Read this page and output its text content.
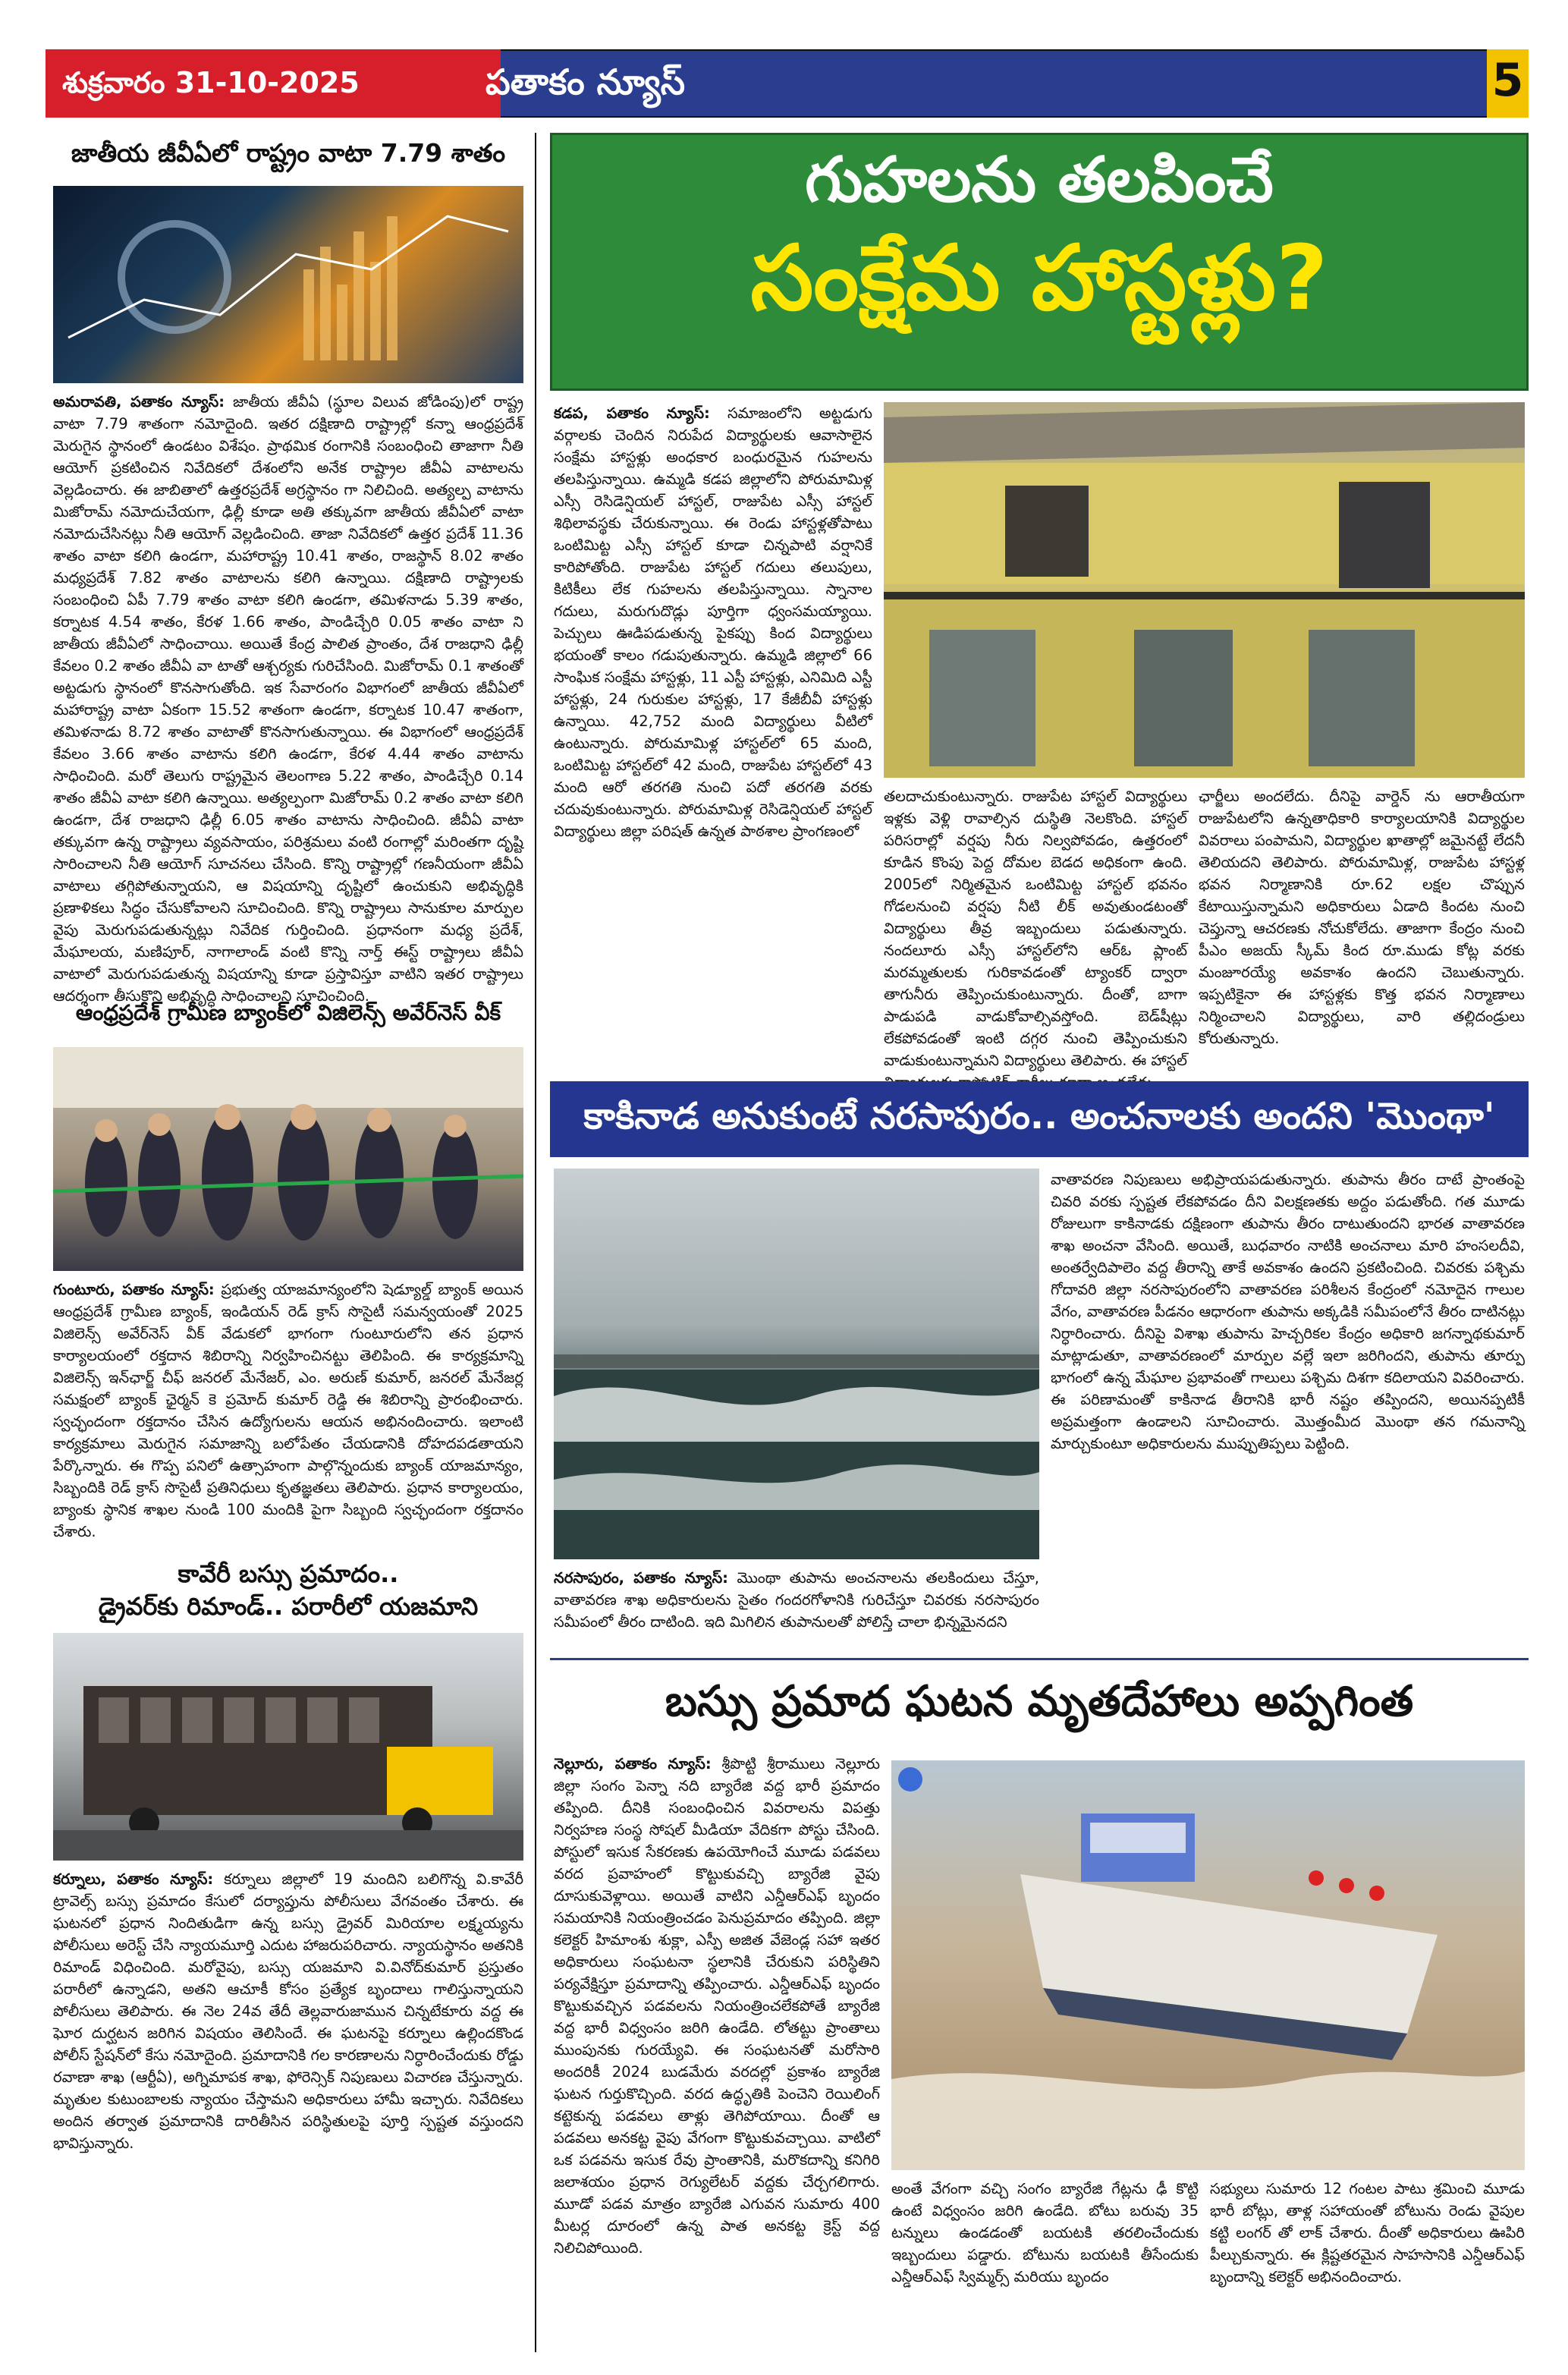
శుక్రవారం 31-10-2025	పతాకం న్యూస్	5
జాతీయ జీవీఏలో రాష్ట్రం వాటా 7.79 శాతం
అమరావతి, పతాకం న్యూస్: జాతీయ జీవీఏ (స్థూల విలువ జోడింపు)లో రాష్ట్ర వాటా 7.79 శాతంగా నమోదైంది. ఇతర దక్షిణాది రాష్ట్రాల్లో కన్నా ఆంధ్రప్రదేశ్ మెరుగైన స్థానంలో ఉండటం విశేషం. ప్రాథమిక రంగానికి సంబంధించి తాజాగా నీతి ఆయోగ్ ప్రకటించిన నివేదికలో దేశంలోని అనేక రాష్ట్రాల జీవీఏ వాటాలను వెల్లడించారు. ఈ జాబితాలో ఉత్తరప్రదేశ్ అగ్రస్థానం గా నిలిచింది. అత్యల్ప వాటాను మిజోరామ్ నమోదుచేయగా, ఢిల్లీ కూడా అతి తక్కువగా జాతీయ జీవీఏలో వాటా నమోదుచేసినట్లు నీతి ఆయోగ్ వెల్లడించింది. తాజా నివేదికలో ఉత్తర ప్రదేశ్ 11.36 శాతం వాటా కలిగి ఉండగా, మహారాష్ట్ర 10.41 శాతం, రాజస్థాన్ 8.02 శాతం మధ్యప్రదేశ్ 7.82 శాతం వాటాలను కలిగి ఉన్నాయి. దక్షిణాది రాష్ట్రాలకు సంబంధించి ఏపీ 7.79 శాతం వాటా కలిగి ఉండగా, తమిళనాడు 5.39 శాతం, కర్నాటక 4.54 శాతం, కేరళ 1.66 శాతం, పాండిచ్చేరి 0.05 శాతం వాటా ని జాతీయ జీవీఏలో సాధించాయి. అయితే కేంద్ర పాలిత ప్రాంతం, దేశ రాజధాని ఢిల్లీ కేవలం 0.2 శాతం జీవీఏ వా టాతో ఆశ్చర్యకు గురిచేసింది. మిజోరామ్ 0.1 శాతంతో అట్టడుగు స్థానంలో కొనసాగుతోంది. ఇక సేవారంగం విభాగంలో జాతీయ జీవీఏలో మహారాష్ట్ర వాటా ఏకంగా 15.52 శాతంగా ఉండగా, కర్నాటక 10.47 శాతంగా, తమిళనాడు 8.72 శాతం వాటాతో కొనసాగుతున్నాయి. ఈ విభాగంలో ఆంధ్రప్రదేశ్ కేవలం 3.66 శాతం వాటాను కలిగి ఉండగా, కేరళ 4.44 శాతం వాటాను సాధించింది. మరో తెలుగు రాష్ట్రమైన తెలంగాణ 5.22 శాతం, పాండిచ్చేరి 0.14 శాతం జీవీఏ వాటా కలిగి ఉన్నాయి. అత్యల్పంగా మిజోరామ్ 0.2 శాతం వాటా కలిగి ఉండగా, దేశ రాజధాని ఢిల్లీ 6.05 శాతం వాటాను సాధించింది. జీవీఏ వాటా తక్కువగా ఉన్న రాష్ట్రాలు వ్యవసాయం, పరిశ్రమలు వంటి రంగాల్లో మరింతగా దృష్టి సారించాలని నీతి ఆయోగ్ సూచనలు చేసింది. కొన్ని రాష్ట్రాల్లో గణనీయంగా జీవీఏ వాటాలు తగ్గిపోతున్నాయని, ఆ విషయాన్ని దృష్టిలో ఉంచుకుని అభివృద్ధికి ప్రణాళికలు సిద్ధం చేసుకోవాలని సూచించింది. కొన్ని రాష్ట్రాలు సానుకూల మార్పుల వైపు మెరుగుపడుతున్నట్లు నివేదిక గుర్తించింది. ప్రధానంగా మధ్య ప్రదేశ్, మేఘాలయ, మణిపూర్, నాగాలాండ్ వంటి కొన్ని నార్త్ ఈస్ట్ రాష్ట్రాలు జీవీఏ వాటాలో మెరుగుపడుతున్న విషయాన్ని కూడా ప్రస్తావిస్తూ వాటిని ఇతర రాష్ట్రాలు ఆదర్శంగా తీసుకొని అభివృద్ధి సాధించాలని సూచించింది.
ఆంధ్రప్రదేశ్ గ్రామీణ బ్యాంక్‌లో విజిలెన్స్ అవేర్‌నెస్ వీక్
గుంటూరు, పతాకం న్యూస్: ప్రభుత్వ యాజమాన్యంలోని షెడ్యూల్డ్ బ్యాంక్ అయిన ఆంధ్రప్రదేశ్ గ్రామీణ బ్యాంక్, ఇండియన్ రెడ్ క్రాస్ సొసైటీ సమన్వయంతో 2025 విజిలెన్స్ అవేర్‌నెస్ వీక్ వేడుకలో భాగంగా గుంటూరులోని తన ప్రధాన కార్యాలయంలో రక్తదాన శిబిరాన్ని నిర్వహించినట్టు తెలిపింది. ఈ కార్యక్రమాన్ని విజిలెన్స్ ఇన్‌ఛార్జ్ చీఫ్ జనరల్ మేనేజర్, ఎం. అరుణ్ కుమార్, జనరల్ మేనేజర్ల సమక్షంలో బ్యాంక్ ఛైర్మన్ కె ప్రమోద్ కుమార్ రెడ్డి ఈ శిబిరాన్ని ప్రారంభించారు. స్వచ్ఛందంగా రక్తదానం చేసిన ఉద్యోగులను ఆయన అభినందించారు. ఇలాంటి కార్యక్రమాలు మెరుగైన సమాజాన్ని బలోపేతం చేయడానికి దోహదపడతాయని పేర్కొన్నారు. ఈ గొప్ప పనిలో ఉత్సాహంగా పాల్గొన్నందుకు బ్యాంక్ యాజమాన్యం, సిబ్బందికి రెడ్ క్రాస్ సొసైటీ ప్రతినిధులు కృతజ్ఞతలు తెలిపారు. ప్రధాన కార్యాలయం, బ్యాంకు స్థానిక శాఖల నుండి 100 మందికి పైగా సిబ్బంది స్వచ్ఛందంగా రక్తదానం చేశారు.
కావేరీ బస్సు ప్రమాదం..
డ్రైవర్‌కు రిమాండ్.. పరారీలో యజమాని
కర్నూలు, పతాకం న్యూస్: కర్నూలు జిల్లాలో 19 మందిని బలిగొన్న వి.కావేరీ ట్రావెల్స్ బస్సు ప్రమాదం కేసులో దర్యాప్తును పోలీసులు వేగవంతం చేశారు. ఈ ఘటనలో ప్రధాన నిందితుడిగా ఉన్న బస్సు డ్రైవర్ మిరియాల లక్ష్మయ్యను పోలీసులు అరెస్ట్ చేసి న్యాయమూర్తి ఎదుట హాజరుపరిచారు. న్యాయస్థానం అతనికి రిమాండ్ విధించింది. మరోవైపు, బస్సు యజమాని వి.వినోద్‌కుమార్ ప్రస్తుతం పరారీలో ఉన్నాడని, అతని ఆచూకీ కోసం ప్రత్యేక బృందాలు గాలిస్తున్నాయని పోలీసులు తెలిపారు. ఈ నెల 24వ తేదీ తెల్లవారుజామున చిన్నటేకూరు వద్ద ఈ ఘోర దుర్ఘటన జరిగిన విషయం తెలిసిందే. ఈ ఘటనపై కర్నూలు ఉల్లిందకొండ పోలీస్ స్టేషన్‌లో కేసు నమోదైంది. ప్రమాదానికి గల కారణాలను నిర్ధారించేందుకు రోడ్డు రవాణా శాఖ (ఆర్టీఏ), అగ్నిమాపక శాఖ, ఫోరెన్సిక్ నిపుణులు విచారణ చేస్తున్నారు. మృతుల కుటుంబాలకు న్యాయం చేస్తామని అధికారులు హామీ ఇచ్చారు. నివేదికలు అందిన తర్వాత ప్రమాదానికి దారితీసిన పరిస్థితులపై పూర్తి స్పష్టత వస్తుందని భావిస్తున్నారు.
గుహలను తలపించే
సంక్షేమ హాస్టళ్లు?
కడప, పతాకం న్యూస్: సమాజంలోని అట్టడుగు వర్గాలకు చెందిన నిరుపేద విద్యార్థులకు ఆవాసాలైన సంక్షేమ హాస్టళ్లు అంధకార బంధురమైన గుహలను తలపిస్తున్నాయి. ఉమ్మడి కడప జిల్లాలోని పోరుమామిళ్ల ఎస్సీ రెసిడెన్షియల్ హాస్టల్, రాజుపేట ఎస్సీ హాస్టల్ శిథిలావస్థకు చేరుకున్నాయి. ఈ రెండు హాస్టళ్లతోపాటు ఒంటిమిట్ట ఎస్సీ హాస్టల్ కూడా చిన్నపాటి వర్షానికే కారిపోతోంది. రాజుపేట హాస్టల్ గదులు తలుపులు, కిటికీలు లేక గుహలను తలపిస్తున్నాయి. స్నానాల గదులు, మరుగుదొడ్లు పూర్తిగా ధ్వంసమయ్యాయి. పెచ్చులు ఊడిపడుతున్న పైకప్పు కింద విద్యార్థులు భయంతో కాలం గడుపుతున్నారు. ఉమ్మడి జిల్లాలో 66 సాంఘిక సంక్షేమ హాస్టళ్లు, 11 ఎస్టీ హాస్టళ్లు, ఎనిమిది ఎస్టీ హాస్టళ్లు, 24 గురుకుల హాస్టళ్లు, 17 కేజీబీవీ హాస్టళ్లు ఉన్నాయి. 42,752 మంది విద్యార్థులు వీటిలో ఉంటున్నారు. పోరుమామిళ్ల హాస్టల్‌లో 65 మంది, ఒంటిమిట్ట హాస్టల్‌లో 42 మంది, రాజుపేట హాస్టల్‌లో 43 మంది ఆరో తరగతి నుంచి పదో తరగతి వరకు చదువుకుంటున్నారు. పోరుమామిళ్ల రెసిడెన్షియల్ హాస్టల్ విద్యార్థులు జిల్లా పరిషత్ ఉన్నత పాఠశాల ప్రాంగణంలో
తలదాచుకుంటున్నారు. రాజుపేట హాస్టల్ విద్యార్థులు ఇళ్లకు వెళ్లి రావాల్సిన దుస్థితి నెలకొంది. హాస్టల్ పరిసరాల్లో వర్షపు నీరు నిల్వపోవడం, ఉత్తరంలో కూడిన కొంపు పెద్ద దోమల బెడద అధికంగా ఉంది. 2005లో నిర్మితమైన ఒంటిమిట్ట హాస్టల్ భవనం గోడలనుంచి వర్షపు నీటి లీక్ అవుతుండటంతో విద్యార్థులు తీవ్ర ఇబ్బందులు పడుతున్నారు. నందలూరు ఎస్సీ హాస్టల్‌లోని ఆర్‌ఓ ప్లాంట్ మరమ్మతులకు గురికావడంతో ట్యాంకర్ ద్వారా తాగునీరు తెప్పించుకుంటున్నారు. దీంతో, బాగా పాడుపడి వాడుకోవాల్సివస్తోంది. బెడ్‌షీట్లు లేకపోవడంతో ఇంటి దగ్గర నుంచి తెప్పించుకుని వాడుకుంటున్నామని విద్యార్థులు తెలిపారు. ఈ హాస్టల్
ఛార్జీలు అందలేదు. దీనిపై వార్డెన్ ను ఆరాతీయగా రాజుపేటలోని ఉన్నతాధికారి కార్యాలయానికి విద్యార్థుల వివరాలు పంపామని, విద్యార్థుల ఖాతాల్లో జమైనట్టే లేదనీ తెలియదని తెలిపారు. పోరుమామిళ్ల, రాజుపేట హాస్టళ్ల భవన నిర్మాణానికి రూ.62 లక్షల చొప్పున కేటాయిస్తున్నామని అధికారులు ఏడాది కిందట నుంచి చెప్తున్నా ఆచరణకు నోచుకోలేదు. తాజాగా కేంద్రం నుంచి పీఎం అజయ్ స్కీమ్ కింద రూ.ముడు కోట్ల వరకు మంజూరయ్యే అవకాశం ఉందని చెబుతున్నారు. ఇప్పటికైనా ఈ హాస్టళ్లకు కొత్త భవన నిర్మాణాలు నిర్మించాలని విద్యార్థులు, వారి తల్లిదండ్రులు కోరుతున్నారు.
కాకినాడ అనుకుంటే నరసాపురం.. అంచనాలకు అందని 'మొంథా'
నరసాపురం, పతాకం న్యూస్: మొంథా తుపాను అంచనాలను తలకిందులు చేస్తూ, వాతావరణ శాఖ అధికారులను సైతం గందరగోళానికి గురిచేస్తూ చివరకు నరసాపురం సమీపంలో తీరం దాటింది. ఇది మిగిలిన తుపానులతో పోలిస్తే చాలా భిన్నమైనదని
వాతావరణ నిపుణులు అభిప్రాయపడుతున్నారు. తుపాను తీరం దాటే ప్రాంతంపై చివరి వరకు స్పష్టత లేకపోవడం దీని విలక్షణతకు అద్దం పడుతోంది. గత మూడు రోజులుగా కాకినాడకు దక్షిణంగా తుపాను తీరం దాటుతుందని భారత వాతావరణ శాఖ అంచనా వేసింది. అయితే, బుధవారం నాటికి అంచనాలు మారి హంసలదీవి, అంతర్వేదిపాలెం వద్ద తీరాన్ని తాకే అవకాశం ఉందని ప్రకటించింది. చివరకు పశ్చిమ గోదావరి జిల్లా నరసాపురంలోని వాతావరణ పరిశీలన కేంద్రంలో నమోదైన గాలుల వేగం, వాతావరణ పీడనం ఆధారంగా తుపాను అక్కడికి సమీపంలోనే తీరం దాటినట్లు నిర్ధారించారు. దీనిపై విశాఖ తుపాను హెచ్చరికల కేంద్రం అధికారి జగన్నాథకుమార్ మాట్లాడుతూ, వాతావరణంలో మార్పుల వల్లే ఇలా జరిగిందని, తుపాను తూర్పు భాగంలో ఉన్న మేఘాల ప్రభావంతో గాలులు పశ్చిమ దిశగా కదిలాయని వివరించారు. ఈ పరిణామంతో కాకినాడ తీరానికి భారీ నష్టం తప్పిందని, అయినప్పటికీ అప్రమత్తంగా ఉండాలని సూచించారు. మొత్తంమీద మొంథా తన గమనాన్ని మార్చుకుంటూ అధికారులను ముప్పుతిప్పలు పెట్టింది.
బస్సు ప్రమాద ఘటన మృతదేహాలు అప్పగింత
నెల్లూరు, పతాకం న్యూస్: శ్రీపొట్టి శ్రీరాములు నెల్లూరు జిల్లా సంగం పెన్నా నది బ్యారేజి వద్ద భారీ ప్రమాదం తప్పింది. దీనికి సంబంధించిన వివరాలను విపత్తు నిర్వహణ సంస్థ సోషల్ మీడియా వేదికగా పోస్టు చేసింది. పోస్టులో ఇసుక సేకరణకు ఉపయోగించే మూడు పడవలు వరద ప్రవాహంలో కొట్టుకువచ్చి బ్యారేజి వైపు దూసుకువెళ్లాయి. అయితే వాటిని ఎన్డీఆర్‌ఎఫ్ బృందం సమయానికి నియంత్రించడం పెనుప్రమాదం తప్పింది. జిల్లా కలెక్టర్ హిమాంశు శుక్లా, ఎస్పీ అజిత వేజెండ్ల సహా ఇతర అధికారులు సంఘటనా స్థలానికి చేరుకుని పరిస్థితిని పర్యవేక్షిస్తూ ప్రమాదాన్ని తప్పించారు. ఎన్డీఆర్‌ఎఫ్ బృందం కొట్టుకువచ్చిన పడవలను నియంత్రించలేకపోతే బ్యారేజి వద్ద భారీ విధ్వంసం జరిగి ఉండేది. లోతట్టు ప్రాంతాలు ముంపునకు గురయ్యేవి. ఈ సంఘటనతో మరోసారి అందరికీ 2024 బుడమేరు వరదల్లో ప్రకాశం బ్యారేజి ఘటన గుర్తుకొచ్చింది. వరద ఉద్ధృతికి పెంచెని రెయిలింగ్ కట్టెకున్న పడవలు తాళ్లు తెగిపోయాయి. దీంతో ఆ పడవలు అనకట్ట వైపు వేగంగా కొట్టుకువచ్చాయి. వాటిలో ఒక పడవను ఇసుక రేవు ప్రాంతానికి, మరొకదాన్ని కనిగిరి జలాశయం ప్రధాన రెగ్యులేటర్ వద్దకు చేర్చగలిగారు. మూడో పడవ మాత్రం బ్యారేజి ఎగువన సుమారు 400 మీటర్ల దూరంలో ఉన్న పాత అనకట్ట క్రెస్ట్ వద్ద నిలిచిపోయింది.
అంతే వేగంగా వచ్చి సంగం బ్యారేజి గేట్లను ఢీ కొట్టి ఉంటే విధ్వంసం జరిగి ఉండేది. బోటు బరువు 35 టన్నులు ఉండడంతో బయటకి తరలించేందుకు ఇబ్బందులు పడ్డారు. బోటును బయటకి తీసేందుకు ఎన్డీఆర్‌ఎఫ్ స్విమ్మర్స్ మరియు బృందం
సభ్యులు సుమారు 12 గంటల పాటు శ్రమించి మూడు భారీ బోట్లు, తాళ్ల సహాయంతో బోటును రెండు వైపుల కట్టి లంగర్ తో లాక్ చేశారు. దీంతో అధికారులు ఊపిరి పీల్చుకున్నారు. ఈ క్లిష్టతరమైన సాహసానికి ఎన్డీఆర్‌ఎఫ్ బృందాన్ని కలెక్టర్ అభినందించారు.
